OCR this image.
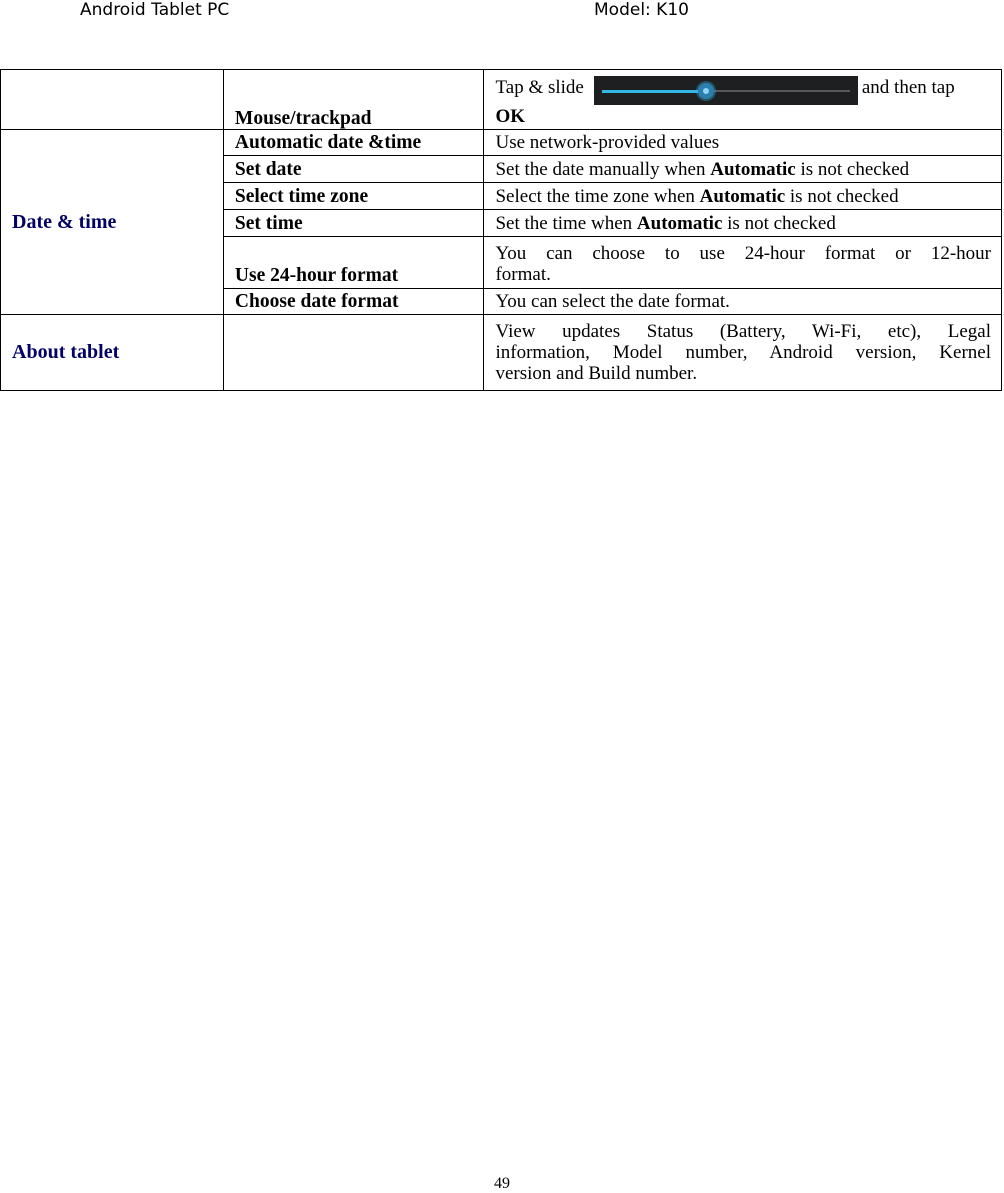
Android Tablet PC	Model: K10
	Mouse/trackpad	Tap & slide and then tap
OK

Date & time	Automatic date &time	Use network-provided values
	Set date	Set the date manually when Automatic is not checked
	Select time zone	Select the time zone when Automatic is not checked
	Set time	Set the time when Automatic is not checked
	Use 24-hour format	You can choose to use 24-hour format or 12-hour
format.

	Choose date format	You can select the date format.
About tablet		View updates Status (Battery, Wi-Fi, etc), Legal
information, Model number, Android version, Kernel
version and Build number.
49
